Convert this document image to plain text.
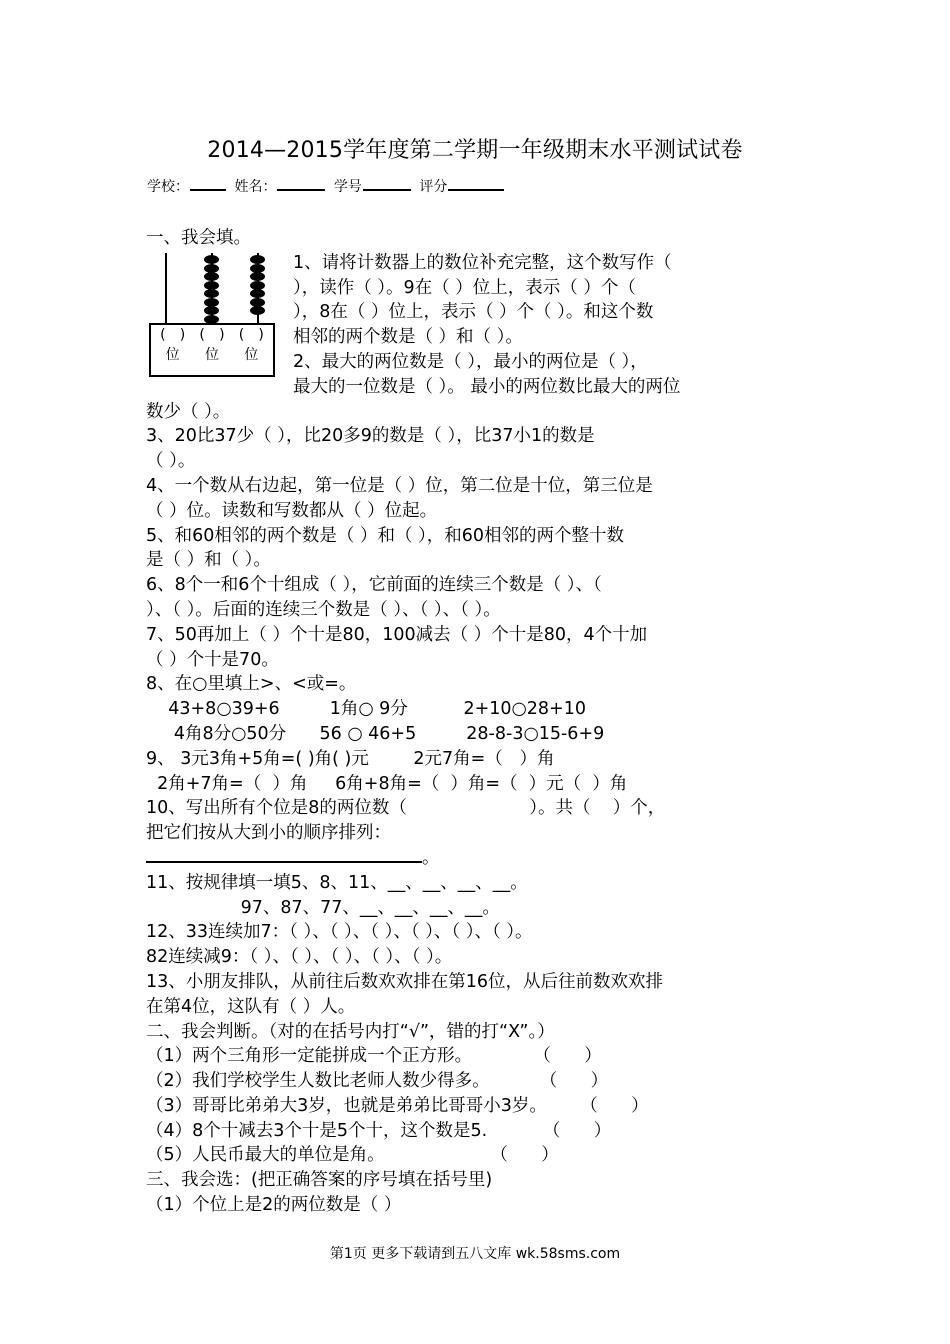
2014—2015学年度第二学期一年级期末水平测试试卷
学校：	姓名：	学号	评分
( ) ( ) ( )
位 位 位
一、我会填。
1、请将计数器上的数位补充完整，这个数写作（
），读作（ ）。9在（ ）位上，表示（ ）个（
），8在（ ）位上，表示（ ）个（ ）。和这个数
相邻的两个数是（ ）和（ ）。
2、最大的两位数是（ ），最小的两位是（ ），
最大的一位数是（ ）。 最小的两位数比最大的两位
数少（ ）。
3、20比37少（ ），比20多9的数是（ ），比37小1的数是
（ ）。
4、一个数从右边起，第一位是（ ）位，第二位是十位，第三位是
（ ）位。读数和写数都从（ ）位起。
5、和60相邻的两个数是（ ）和（ ），和60相邻的两个整十数
是（ ）和（ ）。
6、8个一和6个十组成（ ），它前面的连续三个数是（ ）、（
）、（ ）。后面的连续三个数是（ ）、（ ）、（ ）。
7、50再加上（ ）个十是80，100减去（ ）个十是80，4个十加
（ ）个十是70。
8、在○里填上>、<或=。
43+8○39+6         1角○ 9分          2+10○28+10
4角8分○50分      56 ○ 46+5         28-8-3○15-6+9
9、 3元3角+5角=( )角( )元        2元7角=（   ）角
2角+7角=（  ）角     6角+8角=（  ）角=（  ）元（  ）角
10、写出所有个位是8的两位数（                      ）。共（    ）个，
把它们按从大到小的顺序排列：
。
11、按规律填一填5、8、11、__、__、__、__。
97、87、77、__、__、__、__。
12、33连续加7：（ ）、（ ）、（ ）、（ ）、（ ）、（ ）。
82连续减9：（ ）、（ ）、（ ）、（ ）、（ ）。
13、小朋友排队，从前往后数欢欢排在第16位，从后往前数欢欢排
在第4位，这队有（ ）人。
二、我会判断。（对的在括号内打“√”，错的打“X”。）
（1）两个三角形一定能拼成一个正方形。           （      ）
（2）我们学校学生人数比老师人数少得多。         （      ）
（3）哥哥比弟弟大3岁，也就是弟弟比哥哥小3岁。      （      ）
（4）8个十减去3个十是5个十，这个数是5.          （      ）
（5）人民币最大的单位是角。                   （      ）
三、我会选：(把正确答案的序号填在括号里)
（1）个位上是2的两位数是（ ）
第1页 更多下载请到五八文库 wk.58sms.com
